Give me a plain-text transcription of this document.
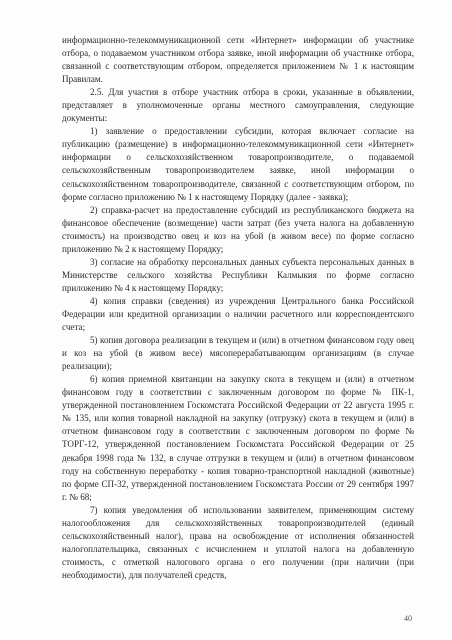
информационно-телекоммуникационной сети «Интернет» информации об участнике отбора, о подаваемом участником отбора заявке, иной информации об участнике отбора, связанной с соответствующим отбором, определяется приложением № 1 к настоящим Правилам.

2.5. Для участия в отборе участник отбора в сроки, указанные в объявлении, представляет в уполномоченные органы местного самоуправления, следующие документы:

1) заявление о предоставлении субсидии, которая включает согласие на публикацию (размещение) в информационно-телекоммуникационной сети «Интернет» информации о сельскохозяйственном товаропроизводителе, о подаваемой сельскохозяйственным товаропроизводителем заявке, иной информации о сельскохозяйственном товаропроизводителе, связанной с соответствующим отбором, по форме согласно приложению № 1 к настоящему Порядку (далее - заявка);

2) справка-расчет на предоставление субсидий из республиканского бюджета на финансовое обеспечение (возмещение) части затрат (без учета налога на добавленную стоимость) на производство овец и коз на убой (в живом весе) по форме согласно приложению № 2 к настоящему Порядку;

3) согласие на обработку персональных данных субъекта персональных данных в Министерстве сельского хозяйства Республики Калмыкия по форме согласно приложению № 4 к настоящему Порядку;

4) копия справки (сведения) из учреждения Центрального банка Российской Федерации или кредитной организации о наличии расчетного или корреспондентского счета;

5) копия договора реализации в текущем и (или) в отчетном финансовом году овец и коз на убой (в живом весе) мясоперерабатывающим организациям (в случае реализации);

6) копия приемной квитанции на закупку скота в текущем и (или) в отчетном финансовом году в соответствии с заключенным договором по форме № ПК-1, утвержденной постановлением Госкомстата Российской Федерации от 22 августа 1995 г. № 135, или копия товарной накладной на закупку (отгрузку) скота в текущем и (или) в отчетном финансовом году в соответствии с заключенным договором по форме № ТОРГ-12, утвержденной постановлением Госкомстата Российской Федерации от 25 декабря 1998 года № 132, в случае отгрузки в текущем и (или) в отчетном финансовом году на собственную переработку - копия товарно-транспортной накладной (животные) по форме СП-32, утвержденной постановлением Госкомстата России от 29 сентября 1997 г. № 68;

7) копия уведомления об использовании заявителем, применяющим систему налогообложения для сельскохозяйственных товаропроизводителей (единый сельскохозяйственный налог), права на освобождение от исполнения обязанностей налогоплательщика, связанных с исчислением и уплатой налога на добавленную стоимость, с отметкой налогового органа о его получении (при наличии (при необходимости), для получателей средств,

40
